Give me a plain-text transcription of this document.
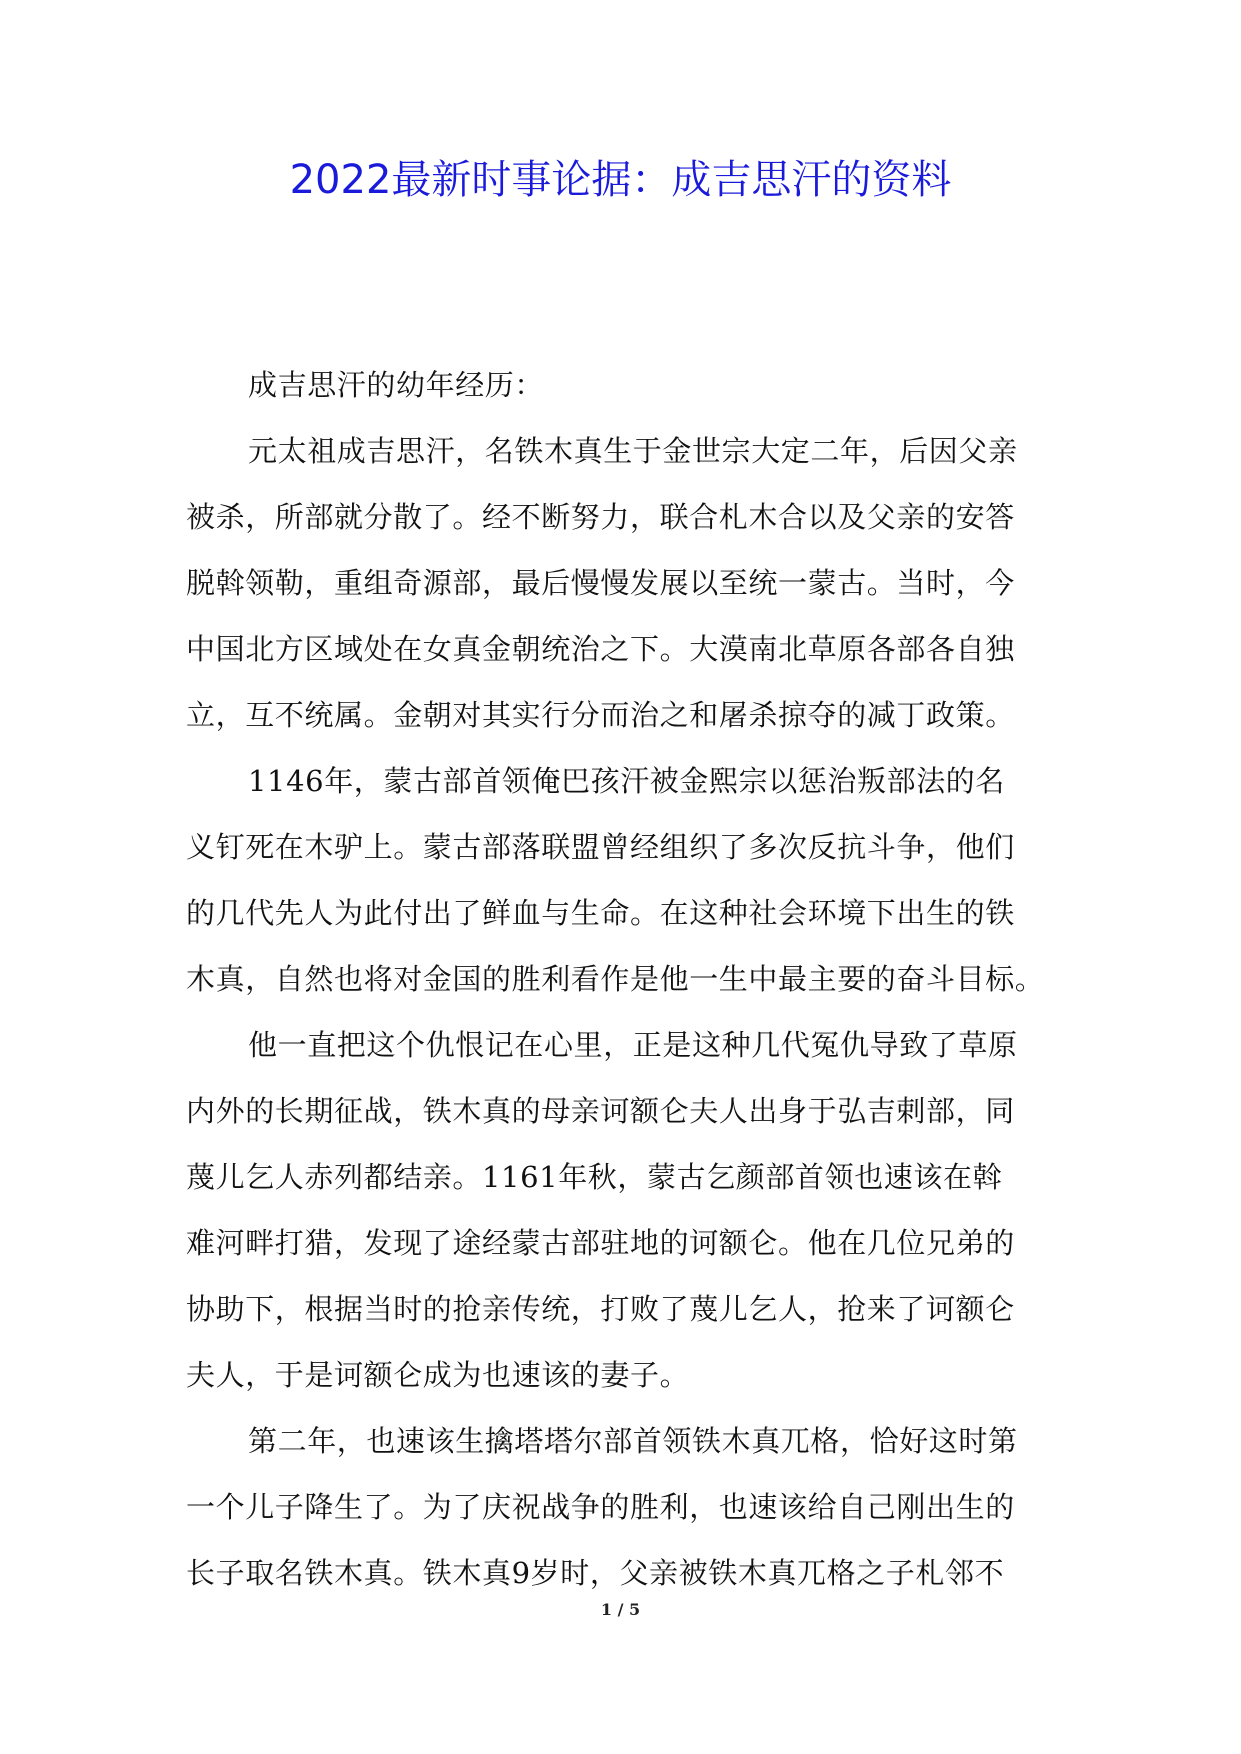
2022最新时事论据：成吉思汗的资料
成吉思汗的幼年经历：
元太祖成吉思汗，名铁木真生于金世宗大定二年，后因父亲
被杀，所部就分散了。经不断努力，联合札木合以及父亲的安答
脱斡领勒，重组奇源部，最后慢慢发展以至统一蒙古。当时，今
中国北方区域处在女真金朝统治之下。大漠南北草原各部各自独
立，互不统属。金朝对其实行分而治之和屠杀掠夺的减丁政策。
1146年，蒙古部首领俺巴孩汗被金熙宗以惩治叛部法的名
义钉死在木驴上。蒙古部落联盟曾经组织了多次反抗斗争，他们
的几代先人为此付出了鲜血与生命。在这种社会环境下出生的铁
木真，自然也将对金国的胜利看作是他一生中最主要的奋斗目标。
他一直把这个仇恨记在心里，正是这种几代冤仇导致了草原
内外的长期征战，铁木真的母亲诃额仑夫人出身于弘吉剌部，同
蔑儿乞人赤列都结亲。1161年秋，蒙古乞颜部首领也速该在斡
难河畔打猎，发现了途经蒙古部驻地的诃额仑。他在几位兄弟的
协助下，根据当时的抢亲传统，打败了蔑儿乞人，抢来了诃额仑
夫人，于是诃额仑成为也速该的妻子。
第二年，也速该生擒塔塔尔部首领铁木真兀格，恰好这时第
一个儿子降生了。为了庆祝战争的胜利，也速该给自己刚出生的
长子取名铁木真。铁木真9岁时，父亲被铁木真兀格之子札邻不
1 / 5
